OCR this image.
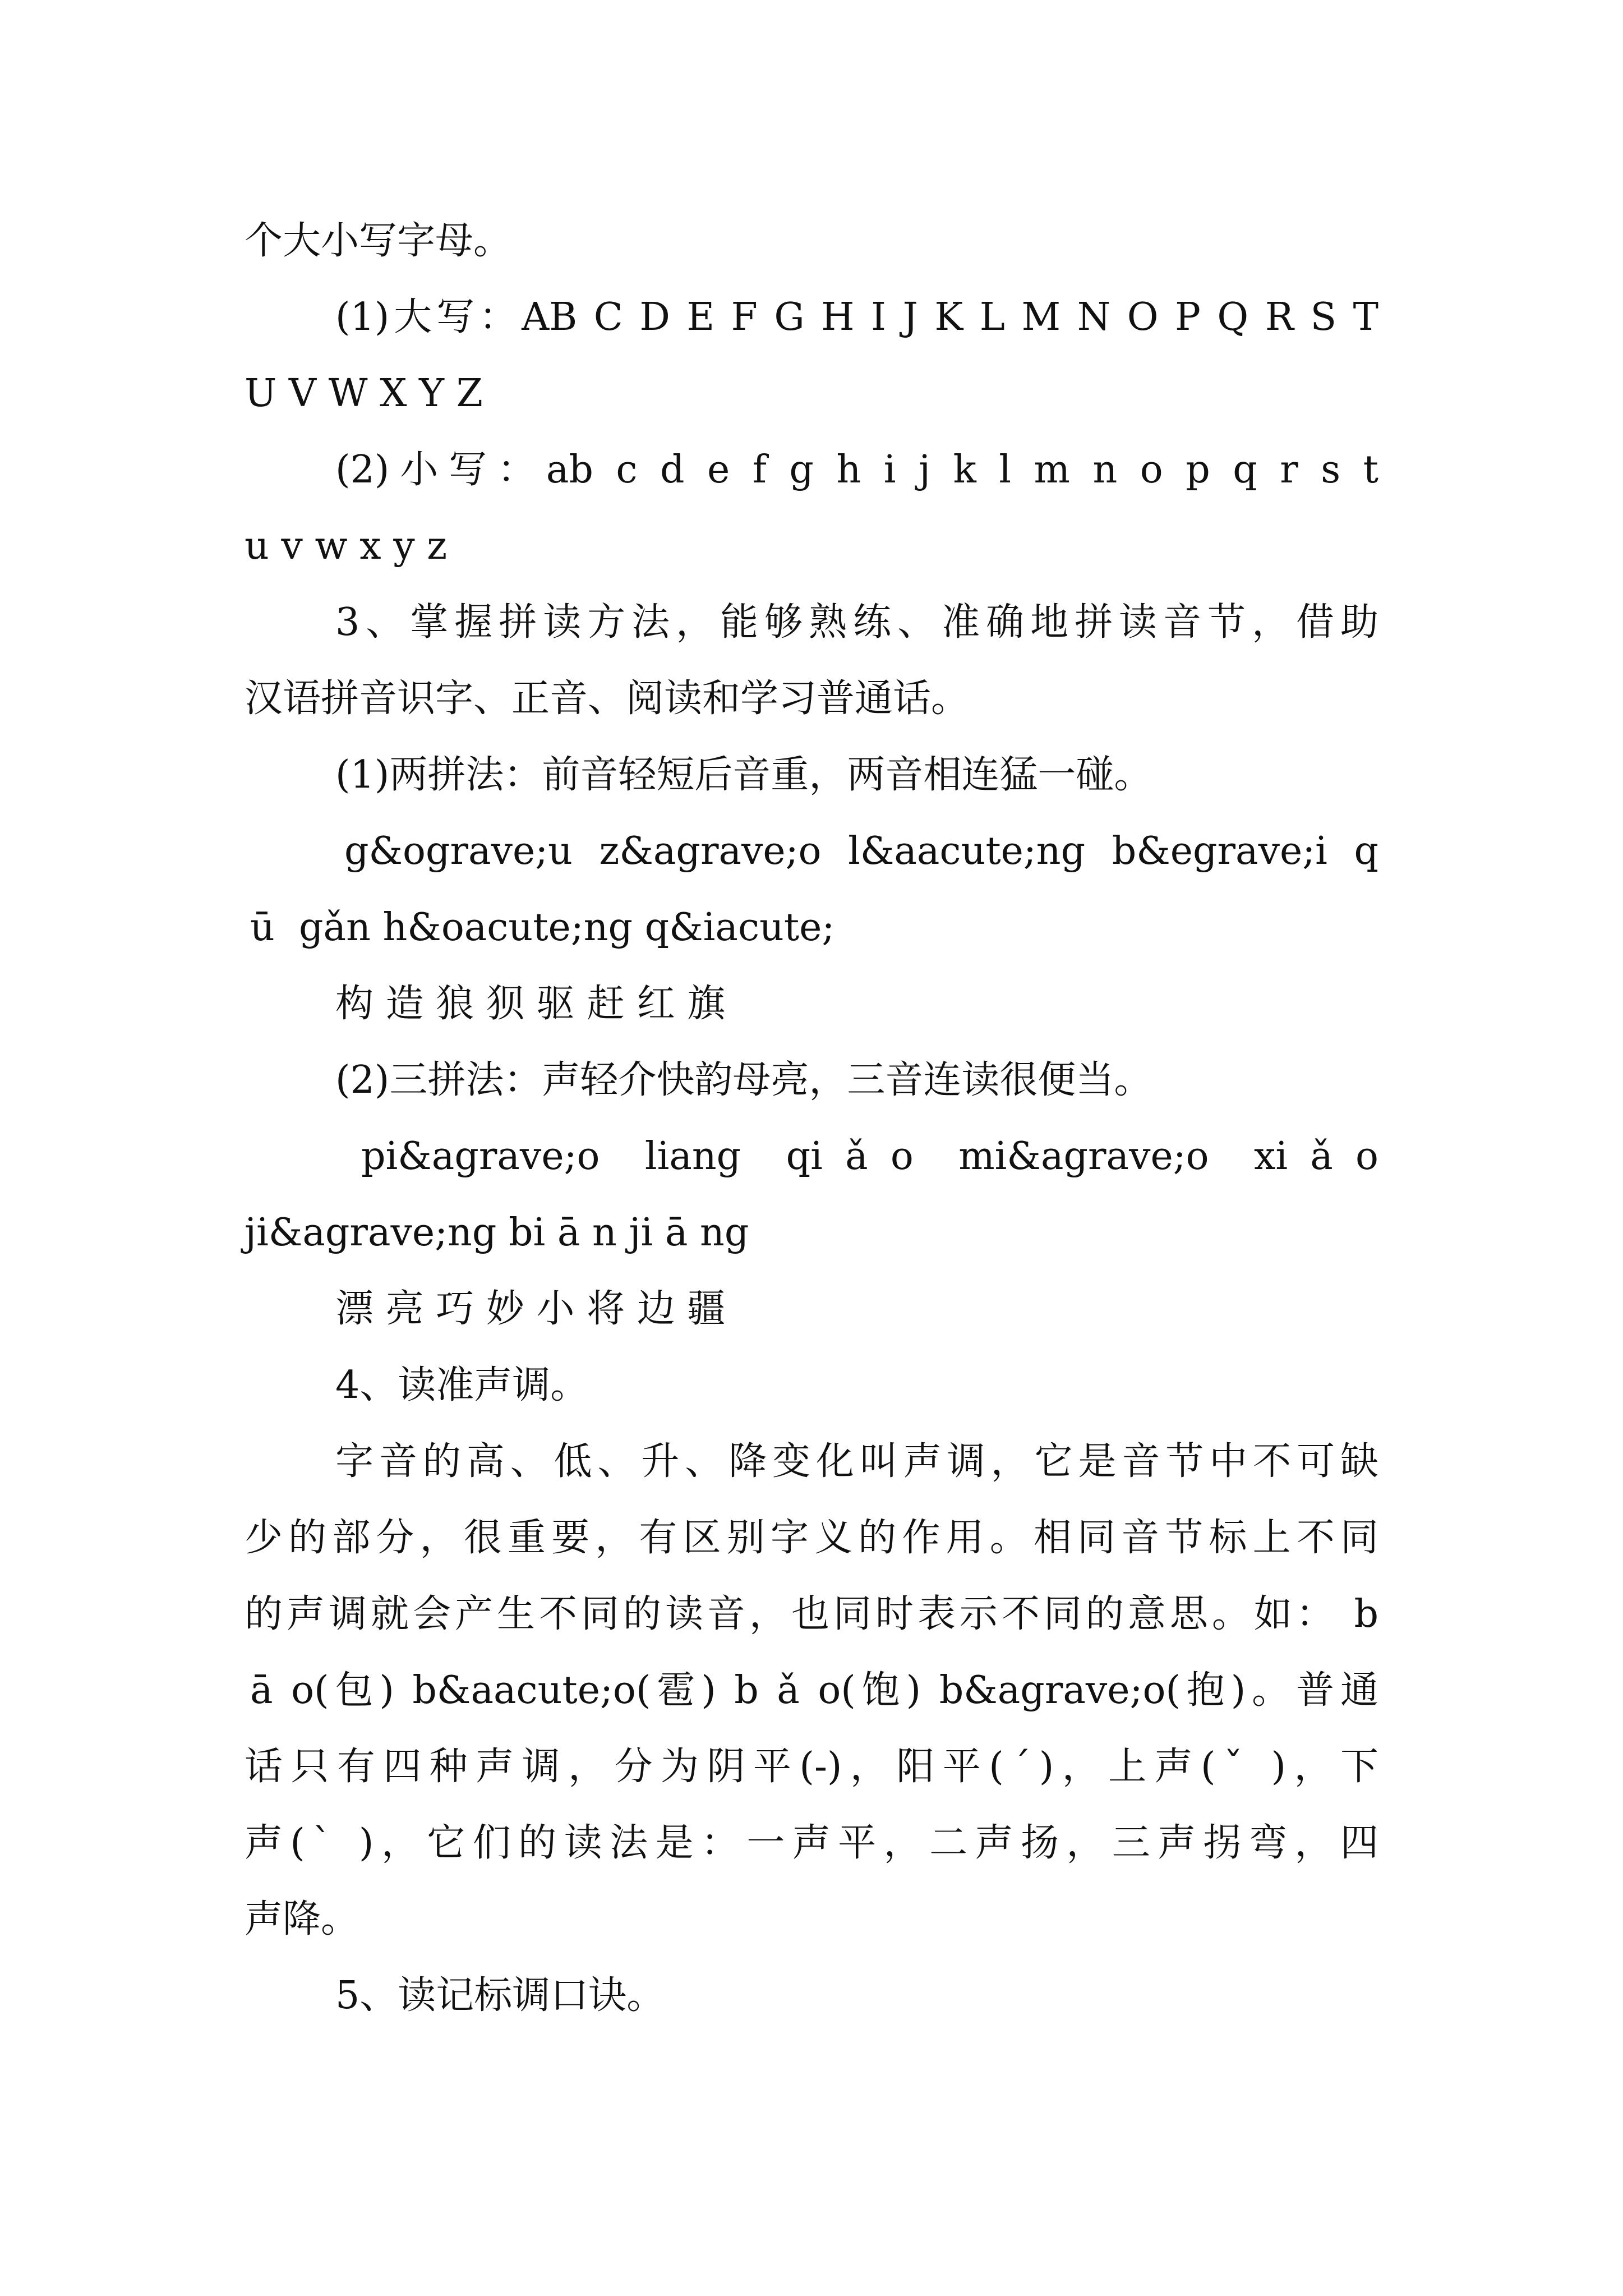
个大小写字母。
(1)大写：AB C D E F G H I J K L M N O P Q R S T
U V W X Y Z
(2)小写：ab c d e f g h i j k l m n o p q r s t
u v w x y z
3、掌握拼读方法，能够熟练、准确地拼读音节，借助
汉语拼音识字、正音、阅读和学习普通话。
(1)两拼法：前音轻短后音重，两音相连猛一碰。
g&ograve;u  z&agrave;o  l&aacute;ng  b&egrave;i  q
ū  gǎn h&oacute;ng q&iacute;
构 造 狼 狈 驱 赶 红 旗
(2)三拼法：声轻介快韵母亮，三音连读很便当。
pi&agrave;o  liang  qi ǎ o  mi&agrave;o  xi ǎ o
ji&agrave;ng bi ā n ji ā ng
漂 亮 巧 妙 小 将 边 疆
4、读准声调。
字音的高、低、升、降变化叫声调，它是音节中不可缺
少的部分，很重要，有区别字义的作用。相同音节标上不同
的声调就会产生不同的读音，也同时表示不同的意思。如： b
ā o(包) b&aacute;o(雹) b ǎ o(饱) b&agrave;o(抱)。普通
话只有四种声调，分为阴平(-)，阳平(ˊ)，上声(ˇ )，下
声(ˋ )，它们的读法是：一声平，二声扬，三声拐弯，四
声降。
5、读记标调口诀。
